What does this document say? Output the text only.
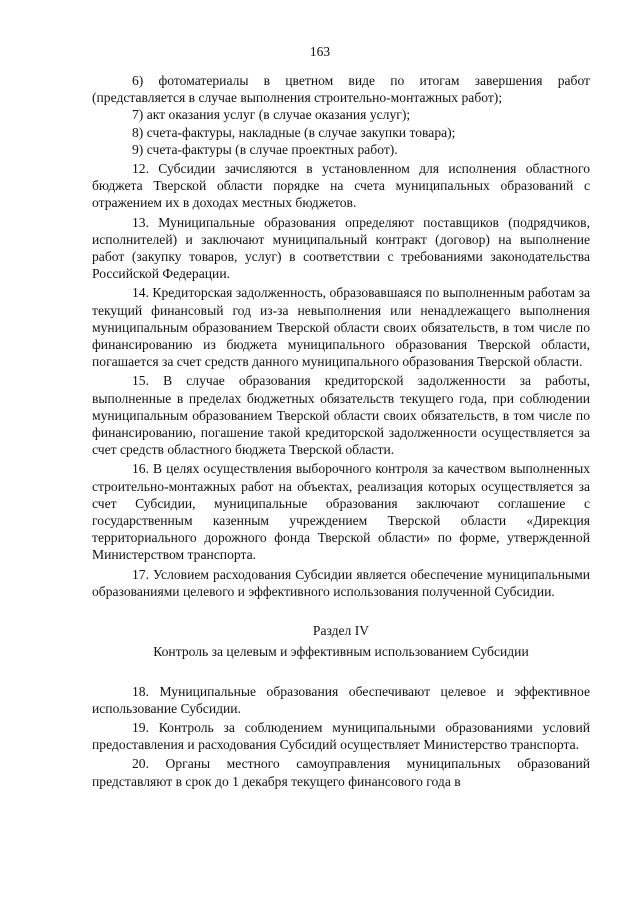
163

6) фотоматериалы в цветном виде по итогам завершения работ (представляется в случае выполнения строительно-монтажных работ);

7) акт оказания услуг (в случае оказания услуг);

8) счета-фактуры, накладные (в случае закупки товара);

9) счета-фактуры (в случае проектных работ).

12. Субсидии зачисляются в установленном для исполнения областного бюджета Тверской области порядке на счета муниципальных образований с отражением их в доходах местных бюджетов.

13. Муниципальные образования определяют поставщиков (подрядчиков, исполнителей) и заключают муниципальный контракт (договор) на выполнение работ (закупку товаров, услуг) в соответствии с требованиями законодательства Российской Федерации.

14. Кредиторская задолженность, образовавшаяся по выполненным работам за текущий финансовый год из-за невыполнения или ненадлежащего выполнения муниципальным образованием Тверской области своих обязательств, в том числе по финансированию из бюджета муниципального образования Тверской области, погашается за счет средств данного муниципального образования Тверской области.

15. В случае образования кредиторской задолженности за работы, выполненные в пределах бюджетных обязательств текущего года, при соблюдении муниципальным образованием Тверской области своих обязательств, в том числе по финансированию, погашение такой кредиторской задолженности осуществляется за счет средств областного бюджета Тверской области.

16. В целях осуществления выборочного контроля за качеством выполненных строительно-монтажных работ на объектах, реализация которых осуществляется за счет Субсидии, муниципальные образования заключают соглашение с государственным казенным учреждением Тверской области «Дирекция территориального дорожного фонда Тверской области» по форме, утвержденной Министерством транспорта.

17. Условием расходования Субсидии является обеспечение муниципальными образованиями целевого и эффективного использования полученной Субсидии.

Раздел IV

Контроль за целевым и эффективным использованием Субсидии

18. Муниципальные образования обеспечивают целевое и эффективное использование Субсидии.

19. Контроль за соблюдением муниципальными образованиями условий предоставления и расходования Субсидий осуществляет Министерство транспорта.

20. Органы местного самоуправления муниципальных образований представляют в срок до 1 декабря текущего финансового года в
